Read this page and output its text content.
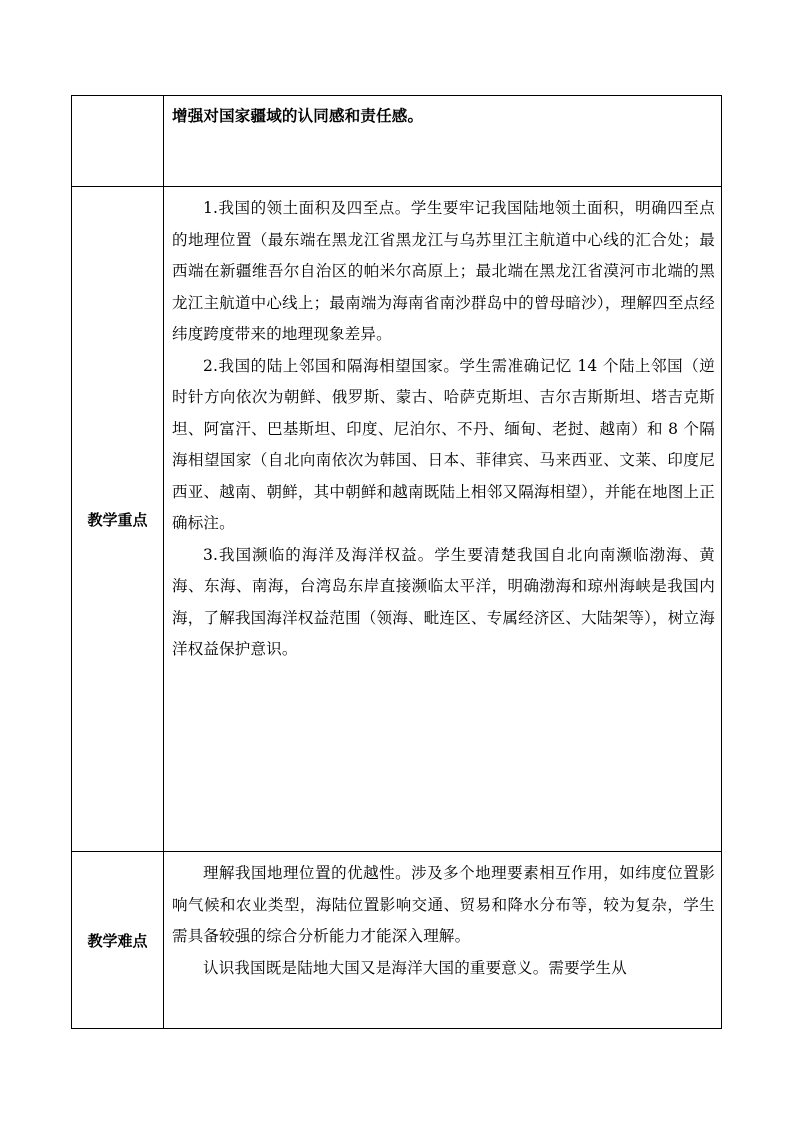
	增强对国家疆域的认同感和责任感。

教学重点	1.我国的领土面积及四至点。学生要牢记我国陆地领土面积，明确四至点的地理位置（最东端在黑龙江省黑龙江与乌苏里江主航道中心线的汇合处；最西端在新疆维吾尔自治区的帕米尔高原上；最北端在黑龙江省漠河市北端的黑龙江主航道中心线上；最南端为海南省南沙群岛中的曾母暗沙），理解四至点经纬度跨度带来的地理现象差异。

2.我国的陆上邻国和隔海相望国家。学生需准确记忆 14 个陆上邻国（逆时针方向依次为朝鲜、俄罗斯、蒙古、哈萨克斯坦、吉尔吉斯斯坦、塔吉克斯坦、阿富汗、巴基斯坦、印度、尼泊尔、不丹、缅甸、老挝、越南）和 8 个隔海相望国家（自北向南依次为韩国、日本、菲律宾、马来西亚、文莱、印度尼西亚、越南、朝鲜，其中朝鲜和越南既陆上相邻又隔海相望），并能在地图上正确标注。

3.我国濒临的海洋及海洋权益。学生要清楚我国自北向南濒临渤海、黄海、东海、南海，台湾岛东岸直接濒临太平洋，明确渤海和琼州海峡是我国内海，了解我国海洋权益范围（领海、毗连区、专属经济区、大陆架等），树立海洋权益保护意识。

教学难点	理解我国地理位置的优越性。涉及多个地理要素相互作用，如纬度位置影响气候和农业类型，海陆位置影响交通、贸易和降水分布等，较为复杂，学生需具备较强的综合分析能力才能深入理解。

认识我国既是陆地大国又是海洋大国的重要意义。需要学生从
